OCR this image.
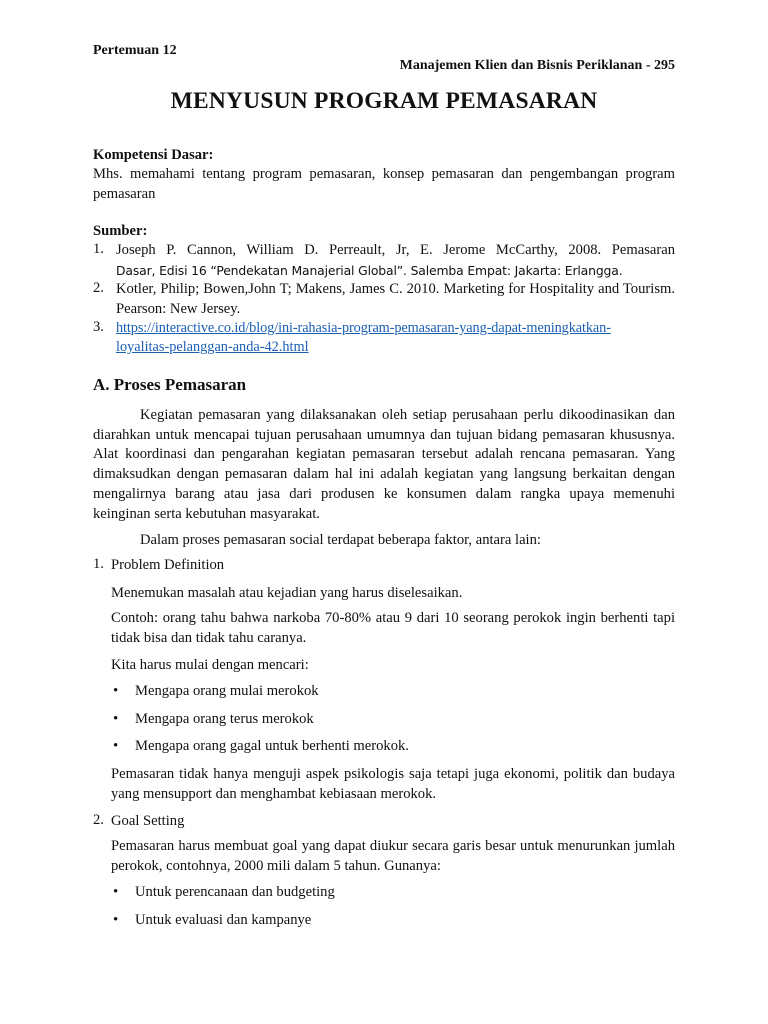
Pertemuan 12
Manajemen Klien dan Bisnis Periklanan - 295
MENYUSUN PROGRAM PEMASARAN
Kompetensi Dasar:
Mhs. memahami tentang program pemasaran, konsep pemasaran dan pengembangan program pemasaran
Sumber:
1. Joseph P. Cannon, William D. Perreault, Jr, E. Jerome McCarthy, 2008. Pemasaran
Dasar, Edisi 16 “Pendekatan Manajerial Global”. Salemba Empat: Jakarta: Erlangga.
2. Kotler, Philip; Bowen,John T; Makens, James C. 2010. Marketing for Hospitality and Tourism. Pearson: New Jersey.
3. https://interactive.co.id/blog/ini-rahasia-program-pemasaran-yang-dapat-meningkatkan-
loyalitas-pelanggan-anda-42.html
A. Proses Pemasaran
Kegiatan pemasaran yang dilaksanakan oleh setiap perusahaan perlu dikoodinasikan dan diarahkan untuk mencapai tujuan perusahaan umumnya dan tujuan bidang pemasaran khususnya. Alat koordinasi dan pengarahan kegiatan pemasaran tersebut adalah rencana pemasaran. Yang dimaksudkan dengan pemasaran dalam hal ini adalah kegiatan yang langsung berkaitan dengan mengalirnya barang atau jasa dari produsen ke konsumen dalam rangka upaya memenuhi keinginan serta kebutuhan masyarakat.
Dalam proses pemasaran social terdapat beberapa faktor, antara lain:
1. Problem Definition
Menemukan masalah atau kejadian yang harus diselesaikan.
Contoh: orang tahu bahwa narkoba 70-80% atau 9 dari 10 seorang perokok ingin berhenti tapi tidak bisa dan tidak tahu caranya.
Kita harus mulai dengan mencari:
• Mengapa orang mulai merokok
• Mengapa orang terus merokok
• Mengapa orang gagal untuk berhenti merokok.
Pemasaran tidak hanya menguji aspek psikologis saja tetapi juga ekonomi, politik dan budaya yang mensupport dan menghambat kebiasaan merokok.
2. Goal Setting
Pemasaran harus membuat goal yang dapat diukur secara garis besar untuk menurunkan jumlah perokok, contohnya, 2000 mili dalam 5 tahun. Gunanya:
• Untuk perencanaan dan budgeting
• Untuk evaluasi dan kampanye
